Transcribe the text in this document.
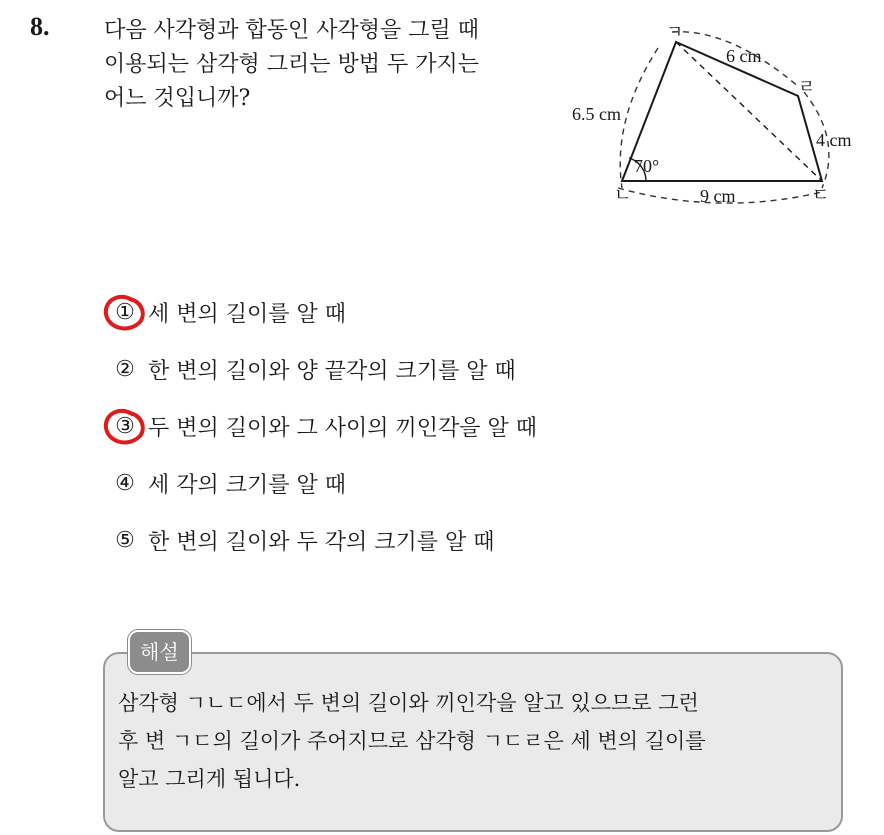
8. 다음 사각형과 합동인 사각형을 그릴 때
이용되는 삼각형 그리는 방법 두 가지는
어느 것입니까?
ㄱ
ㄹ
ㄴ	ㄷ
6 cm
6.5 cm
4 cm
9 cm
70°
① 세 변의 길이를 알 때
② 한 변의 길이와 양 끝각의 크기를 알 때
③ 두 변의 길이와 그 사이의 끼인각을 알 때
④ 세 각의 크기를 알 때
⑤ 한 변의 길이와 두 각의 크기를 알 때
해설
삼각형 ㄱㄴㄷ에서 두 변의 길이와 끼인각을 알고 있으므로 그런
후 변 ㄱㄷ의 길이가 주어지므로 삼각형 ㄱㄷㄹ은 세 변의 길이를
알고 그리게 됩니다.
